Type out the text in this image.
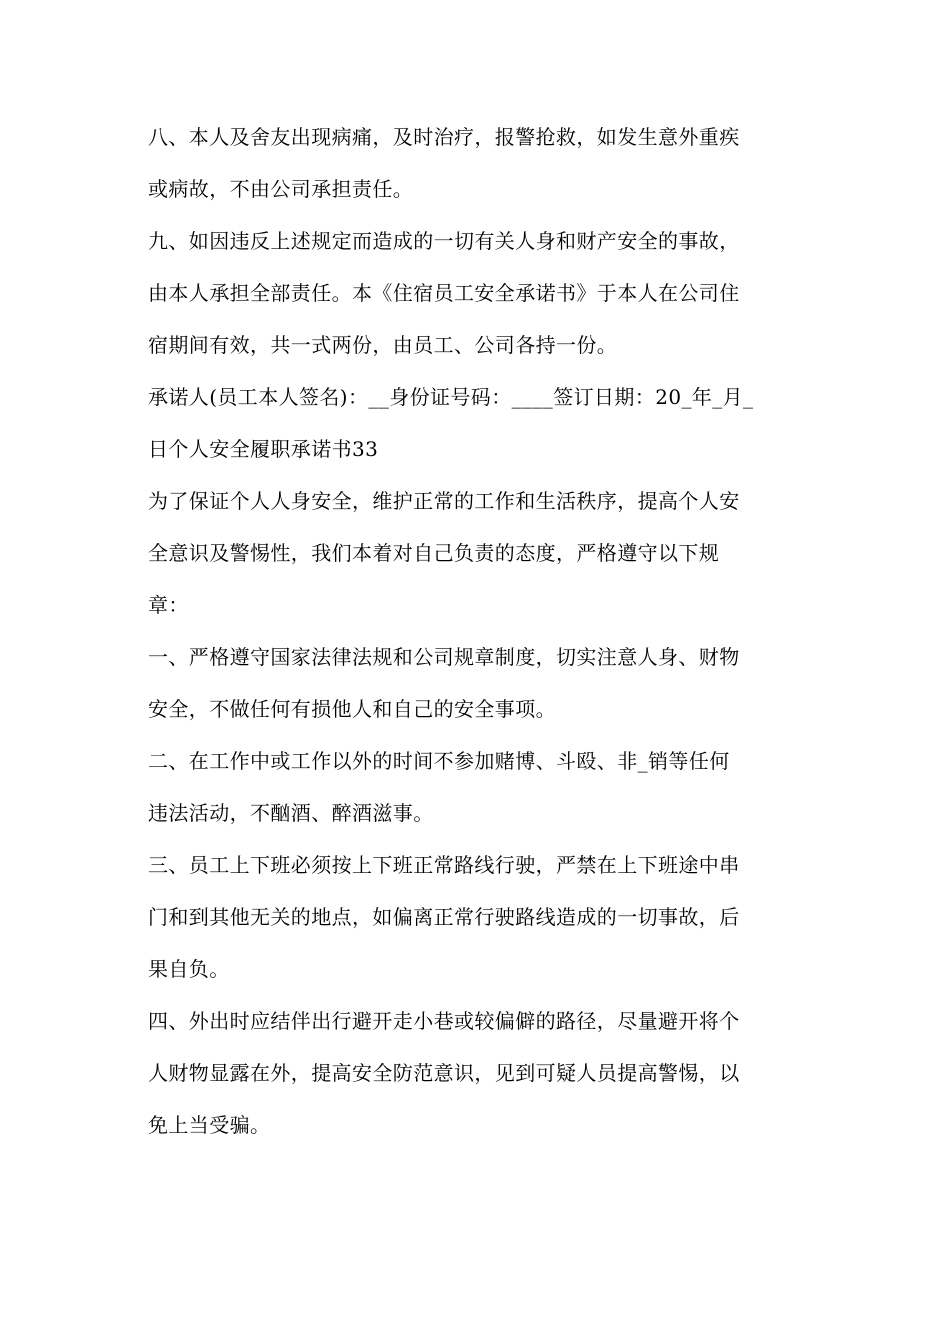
八、本人及舍友出现病痛，及时治疗，报警抢救，如发生意外重疾
或病故，不由公司承担责任。
九、如因违反上述规定而造成的一切有关人身和财产安全的事故，
由本人承担全部责任。本《住宿员工安全承诺书》于本人在公司住
宿期间有效，共一式两份，由员工、公司各持一份。
承诺人(员工本人签名)：__身份证号码：____签订日期：20_年_月_
日个人安全履职承诺书33
为了保证个人人身安全，维护正常的工作和生活秩序，提高个人安
全意识及警惕性，我们本着对自己负责的态度，严格遵守以下规
章：
一、严格遵守国家法律法规和公司规章制度，切实注意人身、财物
安全，不做任何有损他人和自己的安全事项。
二、在工作中或工作以外的时间不参加赌博、斗殴、非_销等任何
违法活动，不酗酒、醉酒滋事。
三、员工上下班必须按上下班正常路线行驶，严禁在上下班途中串
门和到其他无关的地点，如偏离正常行驶路线造成的一切事故，后
果自负。
四、外出时应结伴出行避开走小巷或较偏僻的路径，尽量避开将个
人财物显露在外，提高安全防范意识，见到可疑人员提高警惕，以
免上当受骗。
